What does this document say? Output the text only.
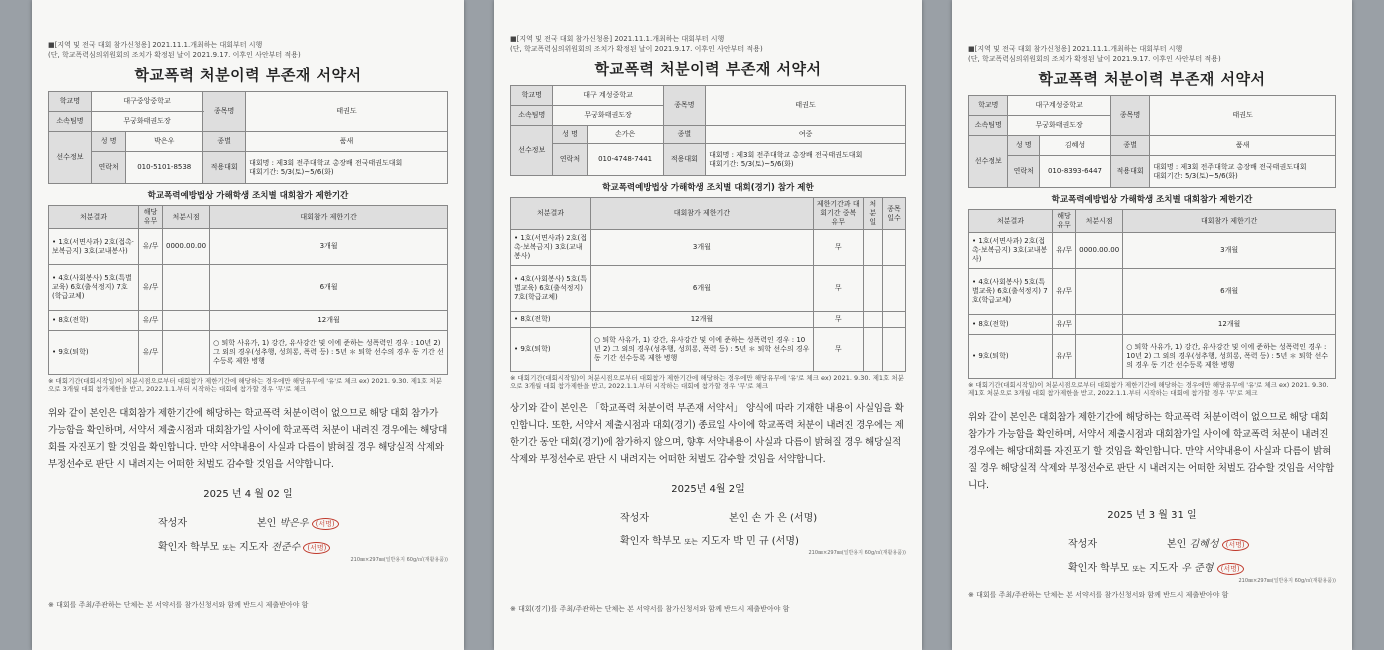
■[지역 및 전국 대회 참가신청용] 2021.11.1.개최하는 대회부터 시행
(단, 학교폭력심의위원회의 조치가 확정된 날이 2021.9.17. 이후인 사안부터 적용)
학교폭력 처분이력 부존재 서약서
학교명	대구중앙중학교		종목명	태권도
소속팀명	무궁화태권도장			
선수정보	성 명	박은우	종별	품새
	연락처	010-5101-8538	적용대회	대회명 : 제3회 전주대학교 총장배 전국태권도대회
대회기간: 5/3(토)~5/6(화)
학교폭력예방법상 가해학생 조치별 대회참가 제한기간
처분결과	해당유무	처분시점	대회참가 제한기간
• 1호(서면사과) 2호(접촉·보복금지) 3호(교내봉사)	유/무	0000.00.00	3개월
• 4호(사회봉사) 5호(특별교육) 6호(출석정지) 7호(학급교체)	유/무		6개월
• 8호(전학)	유/무		12개월
• 9호(퇴학)	유/무		○ 퇴학 사유가, 1) 강간, 유사강간 및 이에 준하는 성폭력인 경우 : 10년 2) 그 외의 경우(성추행, 성희롱, 폭력 등) : 5년 ＊ 퇴학 선수의 경우 동 기간 선수등록 제한 병행
※ 대회기간(대회시작일)이 처분시점으로부터 대회참가 제한기간에 해당하는 경우에만 해당유무에 '유'로 체크 ex) 2021. 9.30. 제1호 처분으로 3개월 대회 참가제한을 받고, 2022.1.1.부터 시작하는 대회에 참가할 경우 '무'로 체크
위와 같이 본인은 대회참가 제한기간에 해당하는 학교폭력 처분이력이 없으므로 해당 대회 참가가 가능함을 확인하며, 서약서 제출시점과 대회참가일 사이에 학교폭력 처분이 내려진 경우에는 해당대회를 자진포기 할 것임을 확인합니다. 만약 서약내용이 사실과 다름이 밝혀질 경우 해당실적 삭제와 부정선수로 판단 시 내려지는 어떠한 처벌도 감수할 것임을 서약합니다.
2025 년 4 월 02 일
작성자	본인 박은우 (서명)
확인자 학부모 또는 지도자 전준수 (서명)
210㎜×297㎜(일반용지 60g/㎡(재활용품))
※ 대회를 주최/주관하는 단체는 본 서약서를 참가신청서와 함께 반드시 제출받아야 함
■[지역 및 전국 대회 참가신청용] 2021.11.1.개최하는 대회부터 시행
(단, 학교폭력심의위원회의 조치가 확정된 날이 2021.9.17. 이후인 사안부터 적용)
학교폭력 처분이력 부존재 서약서
학교명	대구 계성중학교		종목명	태권도
소속팀명	무궁화태권도장			
선수정보	성 명	손가은	종별	여중
	연락처	010-4748-7441	적용대회	대회명 : 제3회 전주대학교 총장배 전국태권도대회
대회기간: 5/3(토)~5/6(화)
학교폭력예방법상 가해학생 조치별 대회(경기) 참가 제한
처분결과	대회참가 제한기간	제한기간과 대회기간 중복 유무	처분일	종목 일수
• 1호(서면사과) 2호(접촉·보복금지) 3호(교내봉사)	3개월	무		
• 4호(사회봉사) 5호(특별교육) 6호(출석정지) 7호(학급교체)	6개월	무		
• 8호(전학)	12개월	무		
• 9호(퇴학)	○ 퇴학 사유가, 1) 강간, 유사강간 및 이에 준하는 성폭력인 경우 : 10년 2) 그 외의 경우(성추행, 성희롱, 폭력 등) : 5년 ＊ 퇴학 선수의 경우 동 기간 선수등록 제한 병행	무		
※ 대회기간(대회시작일)이 처분시점으로부터 대회참가 제한기간에 해당하는 경우에만 해당유무에 '유'로 체크 ex) 2021. 9.30. 제1호 처분으로 3개월 대회 참가제한을 받고, 2022.1.1.부터 시작하는 대회에 참가할 경우 '무'로 체크
상기와 같이 본인은 「학교폭력 처분이력 부존재 서약서」 양식에 따라 기재한 내용이 사실임을 확인합니다. 또한, 서약서 제출시점과 대회(경기) 종료일 사이에 학교폭력 처분이 내려진 경우에는 제한기간 동안 대회(경기)에 참가하지 않으며, 향후 서약내용이 사실과 다름이 밝혀질 경우 해당실적 삭제와 부정선수로 판단 시 내려지는 어떠한 처벌도 감수할 것임을 서약합니다.
2025년 4월 2일
작성자	본인 손 가 은 (서명)
확인자 학부모 또는 지도자 박 민 규 (서명)
210㎜×297㎜(일반용지 60g/㎡(재활용품))
※ 대회(경기)를 주최/주관하는 단체는 본 서약서를 참가신청서와 함께 반드시 제출받아야 함
■[지역 및 전국 대회 참가신청용] 2021.11.1.개최하는 대회부터 시행
(단, 학교폭력심의위원회의 조치가 확정된 날이 2021.9.17. 이후인 사안부터 적용)
학교폭력 처분이력 부존재 서약서
학교명	대구계성중학교		종목명	태권도
소속팀명	무궁화태권도장			
선수정보	성 명	김혜성	종별	품새
	연락처	010-8393-6447	적용대회	대회명 : 제3회 전주대학교 총장배 전국태권도대회
대회기간: 5/3(토)~5/6(화)
학교폭력예방법상 가해학생 조치별 대회참가 제한기간
처분결과	해당유무	처분시점	대회참가 제한기간
• 1호(서면사과) 2호(접촉·보복금지) 3호(교내봉사)	유/무	0000.00.00	3개월
• 4호(사회봉사) 5호(특별교육) 6호(출석정지) 7호(학급교체)	유/무		6개월
• 8호(전학)	유/무		12개월
• 9호(퇴학)	유/무		○ 퇴학 사유가, 1) 강간, 유사강간 및 이에 준하는 성폭력인 경우 : 10년 2) 그 외의 경우(성추행, 성희롱, 폭력 등) : 5년 ＊ 퇴학 선수의 경우 동 기간 선수등록 제한 병행
※ 대회기간(대회시작일)이 처분시점으로부터 대회참가 제한기간에 해당하는 경우에만 해당유무에 '유'로 체크 ex) 2021. 9.30. 제1호 처분으로 3개월 대회 참가제한을 받고, 2022.1.1.부터 시작하는 대회에 참가할 경우 '무'로 체크
위와 같이 본인은 대회참가 제한기간에 해당하는 학교폭력 처분이력이 없으므로 해당 대회 참가가 가능함을 확인하며, 서약서 제출시점과 대회참가일 사이에 학교폭력 처분이 내려진 경우에는 해당대회를 자진포기 할 것임을 확인합니다. 만약 서약내용이 사실과 다름이 밝혀질 경우 해당실적 삭제와 부정선수로 판단 시 내려지는 어떠한 처벌도 감수할 것임을 서약합니다.
2025 년 3 월 31 일
작성자	본인 김혜성 (서명)
확인자 학부모 또는 지도자 우 준형 (서명)
210㎜×297㎜(일반용지 60g/㎡(재활용품))
※ 대회를 주최/주관하는 단체는 본 서약서를 참가신청서와 함께 반드시 제출받아야 함
